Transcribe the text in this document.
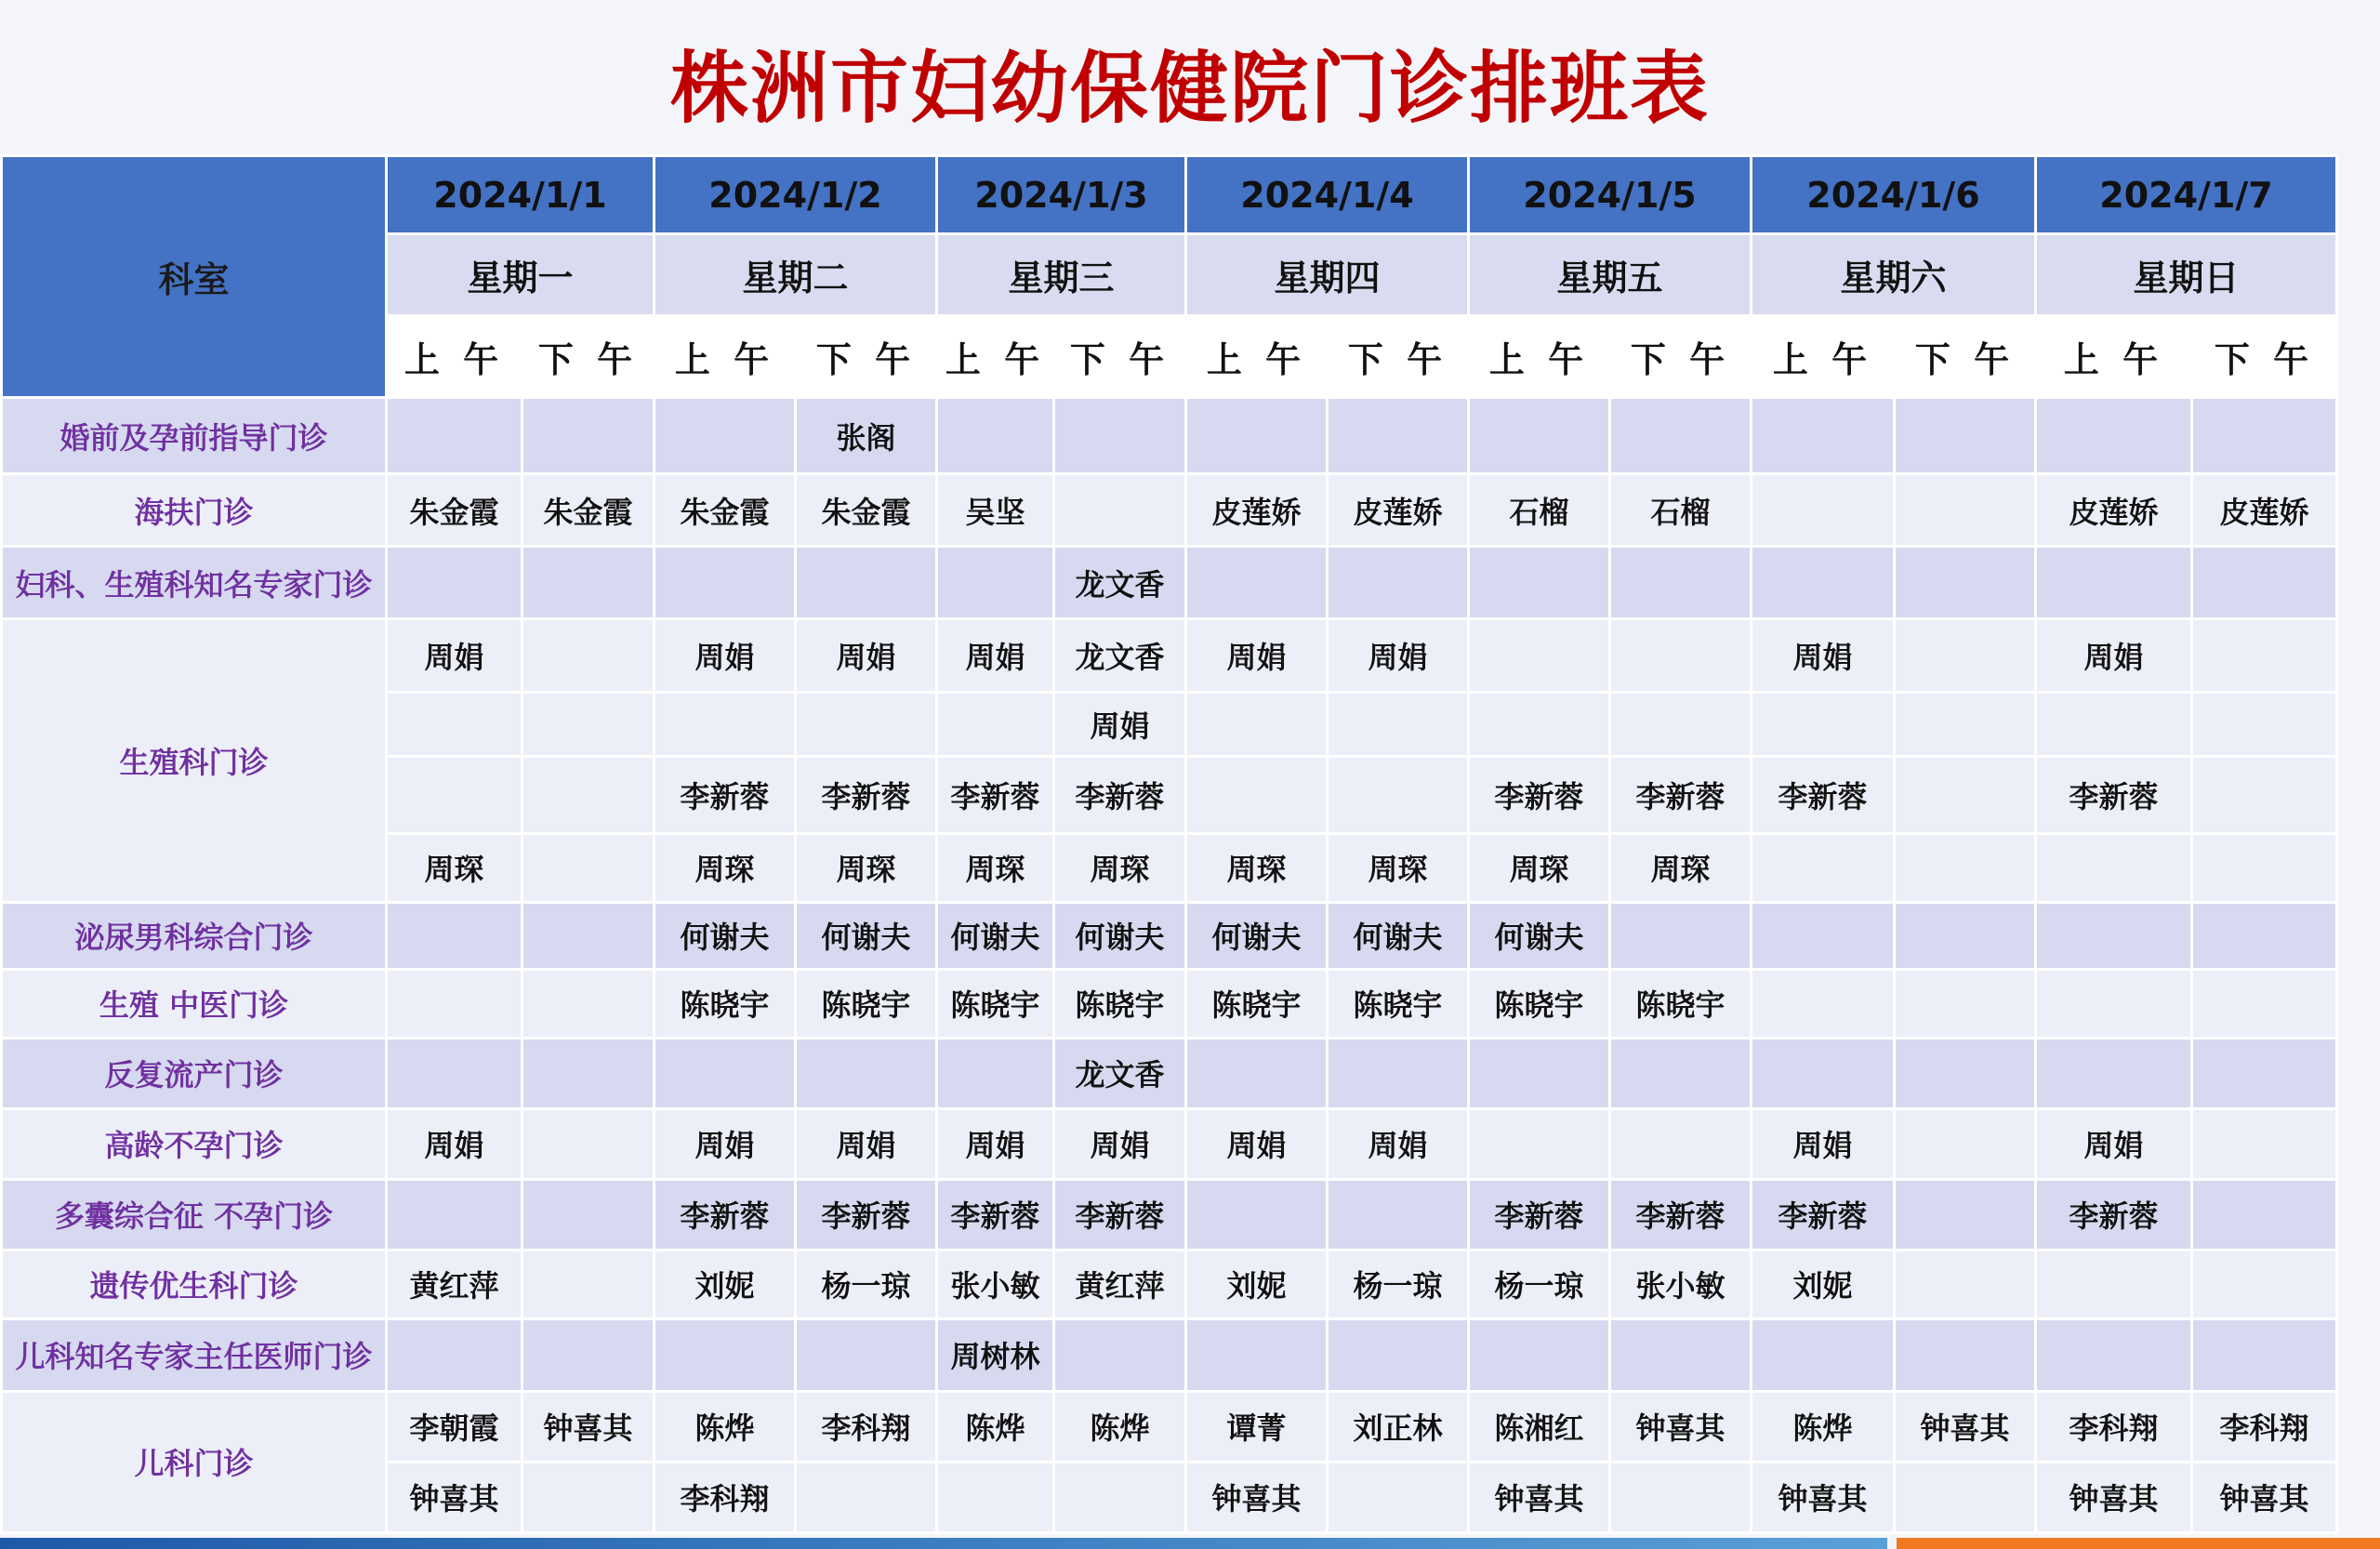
株洲市妇幼保健院门诊排班表
科室	2024/1/1		2024/1/2		2024/1/3		2024/1/4		2024/1/5		2024/1/6		2024/1/7	
	星期一		星期二		星期三		星期四		星期五		星期六		星期日	
	上 午	下 午	上 午	下 午	上 午	下 午	上 午	下 午	上 午	下 午	上 午	下 午	上 午	下 午
婚前及孕前指导门诊				张阁										
海扶门诊	朱金霞	朱金霞	朱金霞	朱金霞	吴坚		皮莲娇	皮莲娇	石榴	石榴			皮莲娇	皮莲娇
妇科、生殖科知名专家门诊						龙文香								
生殖科门诊	周娟		周娟	周娟	周娟	龙文香	周娟	周娟			周娟		周娟	
						周娟								
			李新蓉	李新蓉	李新蓉	李新蓉			李新蓉	李新蓉	李新蓉		李新蓉	
	周琛		周琛	周琛	周琛	周琛	周琛	周琛	周琛	周琛				
泌尿男科综合门诊			何谢夫	何谢夫	何谢夫	何谢夫	何谢夫	何谢夫	何谢夫					
生殖 中医门诊			陈晓宇	陈晓宇	陈晓宇	陈晓宇	陈晓宇	陈晓宇	陈晓宇	陈晓宇				
反复流产门诊						龙文香								
高龄不孕门诊	周娟		周娟	周娟	周娟	周娟	周娟	周娟			周娟		周娟	
多囊综合征 不孕门诊			李新蓉	李新蓉	李新蓉	李新蓉			李新蓉	李新蓉	李新蓉		李新蓉	
遗传优生科门诊	黄红萍		刘妮	杨一琼	张小敏	黄红萍	刘妮	杨一琼	杨一琼	张小敏	刘妮			
儿科知名专家主任医师门诊					周树林									
儿科门诊	李朝霞	钟喜其	陈烨	李科翔	陈烨	陈烨	谭菁	刘正林	陈湘红	钟喜其	陈烨	钟喜其	李科翔	李科翔
	钟喜其		李科翔				钟喜其		钟喜其		钟喜其		钟喜其	钟喜其
